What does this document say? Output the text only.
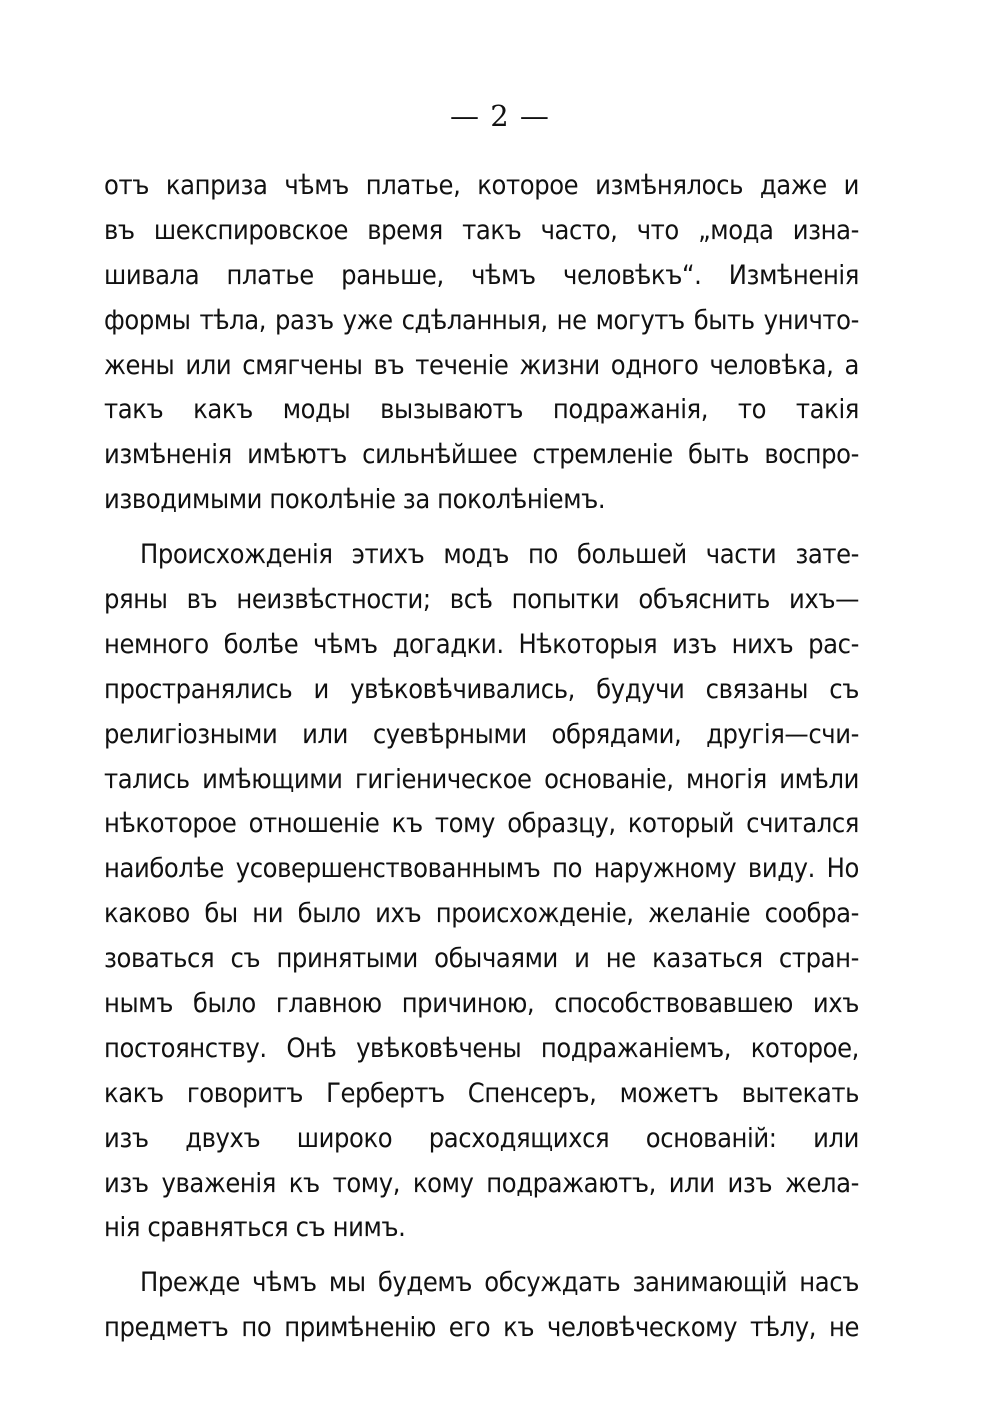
— 2 —
отъ каприза чѣмъ платье, которое измѣнялось даже и
въ шекспировское время такъ часто, что „мода изна-
шивала платье раньше, чѣмъ человѣкъ“. Измѣненія
формы тѣла, разъ уже сдѣланныя, не могутъ быть уничто-
жены или смягчены въ теченіе жизни одного человѣка, а
такъ какъ моды вызываютъ подражанія, то такія
измѣненія имѣютъ сильнѣйшее стремленіе быть воспро-
изводимыми поколѣніе за поколѣніемъ.
Происхожденія этихъ модъ по большей части зате-
ряны въ неизвѣстности; всѣ попытки объяснить ихъ—
немного болѣе чѣмъ догадки. Нѣкоторыя изъ нихъ рас-
пространялись и увѣковѣчивались, будучи связаны съ
религіозными или суевѣрными обрядами, другія—счи-
тались имѣющими гигіеническое основаніе, многія имѣли
нѣкоторое отношеніе къ тому образцу, который считался
наиболѣе усовершенствованнымъ по наружному виду. Но
каково бы ни было ихъ происхожденіе, желаніе сообра-
зоваться съ принятыми обычаями и не казаться стран-
нымъ было главною причиною, способствовавшею ихъ
постоянству. Онѣ увѣковѣчены подражаніемъ, которое,
какъ говоритъ Гербертъ Спенсеръ, можетъ вытекать
изъ двухъ широко расходящихся основаній: или
изъ уваженія къ тому, кому подражаютъ, или изъ жела-
нія сравняться съ нимъ.
Прежде чѣмъ мы будемъ обсуждать занимающій насъ
предметъ по примѣненію его къ человѣческому тѣлу, не
